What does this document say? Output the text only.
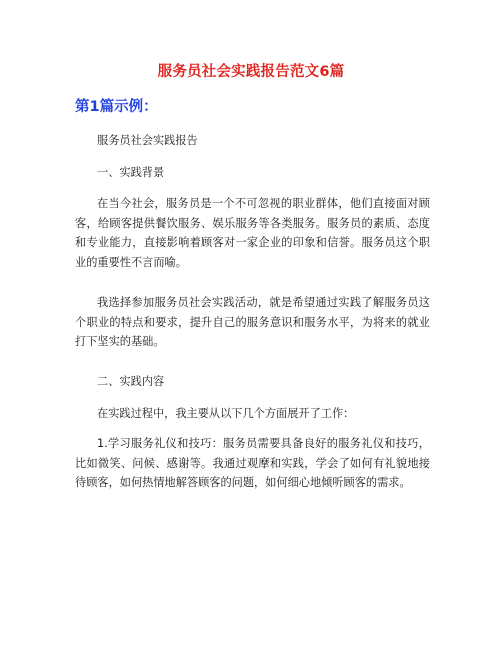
服务员社会实践报告范文6篇
第1篇示例：
服务员社会实践报告
一、实践背景
在当今社会，服务员是一个不可忽视的职业群体，他们直接面对顾客，给顾客提供餐饮服务、娱乐服务等各类服务。服务员的素质、态度和专业能力，直接影响着顾客对一家企业的印象和信誉。服务员这个职业的重要性不言而喻。
我选择参加服务员社会实践活动，就是希望通过实践了解服务员这个职业的特点和要求，提升自己的服务意识和服务水平，为将来的就业打下坚实的基础。
二、实践内容
在实践过程中，我主要从以下几个方面展开了工作：
1.学习服务礼仪和技巧：服务员需要具备良好的服务礼仪和技巧，比如微笑、问候、感谢等。我通过观摩和实践，学会了如何有礼貌地接待顾客，如何热情地解答顾客的问题，如何细心地倾听顾客的需求。
